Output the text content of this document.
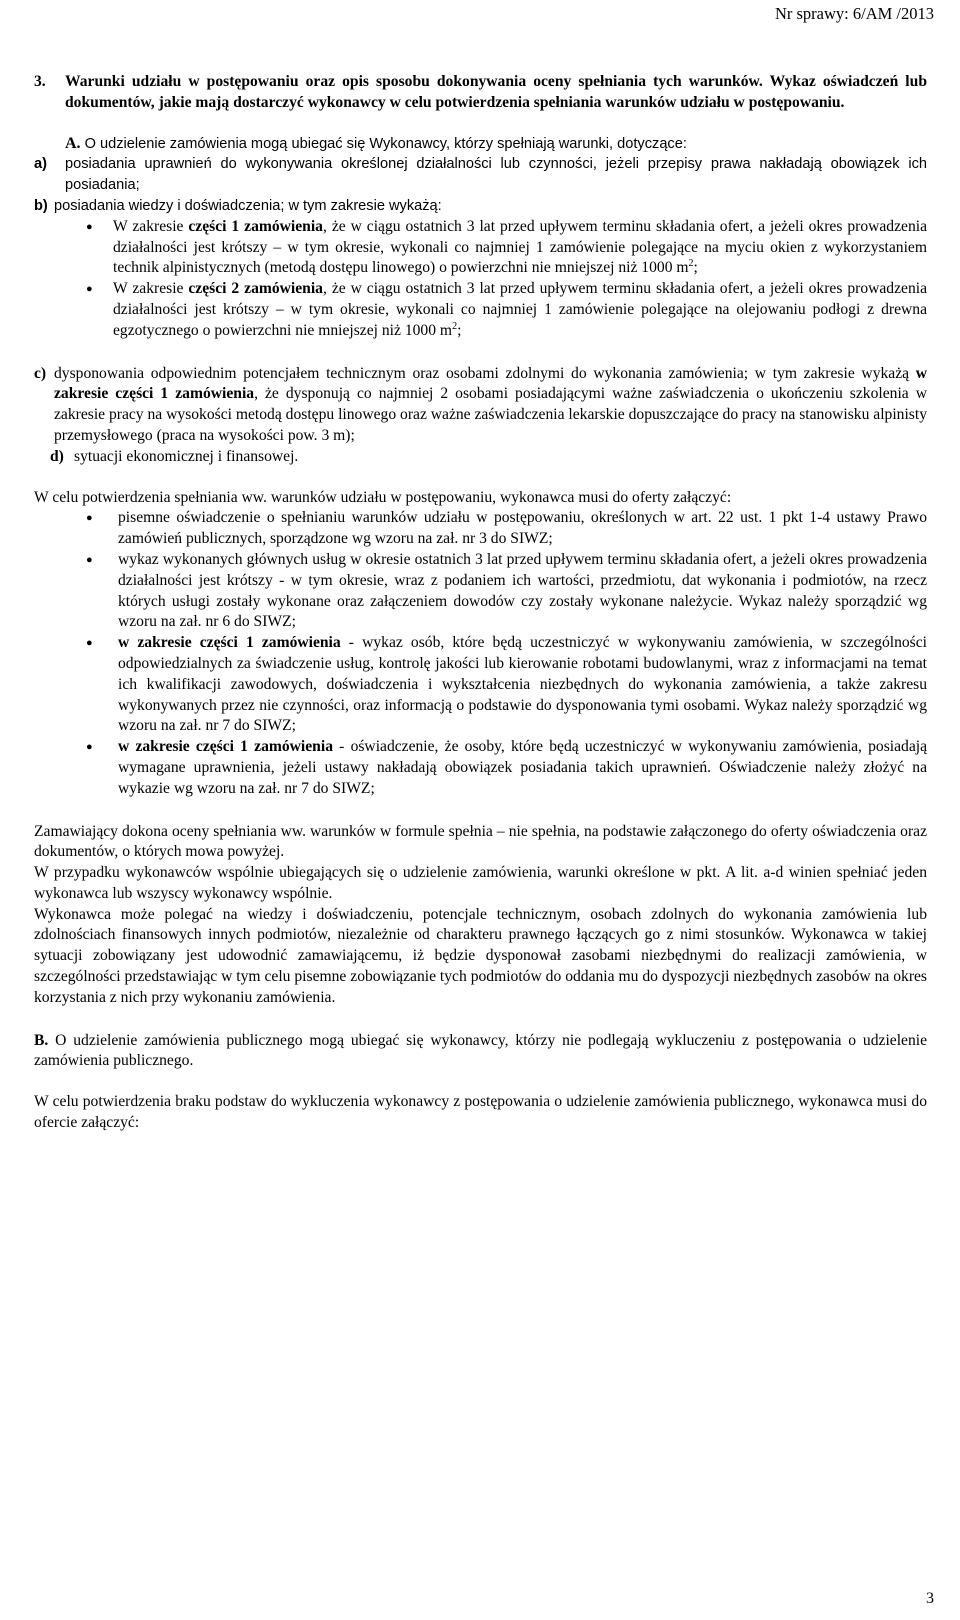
Nr sprawy: 6/AM /2013
3.	Warunki udziału w postępowaniu oraz opis sposobu dokonywania oceny spełniania tych warunków. Wykaz oświadczeń lub dokumentów, jakie mają dostarczyć wykonawcy w celu potwierdzenia spełniania warunków udziału w postępowaniu.

A. O udzielenie zamówienia mogą ubiegać się Wykonawcy, którzy spełniają warunki, dotyczące:

a)	posiadania uprawnień do wykonywania określonej działalności lub czynności, jeżeli przepisy prawa nakładają obowiązek ich posiadania;
b) posiadania wiedzy i doświadczenia; w tym zakresie wykażą:
● W zakresie części 1 zamówienia, że w ciągu ostatnich 3 lat przed upływem terminu składania ofert, a jeżeli okres prowadzenia działalności jest krótszy – w tym okresie, wykonali co najmniej 1 zamówienie polegające na myciu okien z wykorzystaniem technik alpinistycznych (metodą dostępu linowego) o powierzchni nie mniejszej niż 1000 $m^2$;
● W zakresie części 2 zamówienia, że w ciągu ostatnich 3 lat przed upływem terminu składania ofert, a jeżeli okres prowadzenia działalności jest krótszy – w tym okresie, wykonali co najmniej 1 zamówienie polegające na olejowaniu podłogi z drewna egzotycznego o powierzchni nie mniejszej niż 1000 $m^2$;
c) dysponowania odpowiednim potencjałem technicznym oraz osobami zdolnymi do wykonania zamówienia; w tym zakresie wykażą w zakresie części 1 zamówienia, że dysponują co najmniej 2 osobami posiadającymi ważne zaświadczenia o ukończeniu szkolenia w zakresie pracy na wysokości metodą dostępu linowego oraz ważne zaświadczenia lekarskie dopuszczające do pracy na stanowisku alpinisty przemysłowego (praca na wysokości pow. 3 m);
d) sytuacji ekonomicznej i finansowej.

W celu potwierdzenia spełniania ww. warunków udziału w postępowaniu, wykonawca musi do oferty załączyć:

● pisemne oświadczenie o spełnianiu warunków udziału w postępowaniu, określonych w art. 22 ust. 1 pkt 1-4 ustawy Prawo zamówień publicznych, sporządzone wg wzoru na zał. nr 3 do SIWZ;
● wykaz wykonanych głównych usług w okresie ostatnich 3 lat przed upływem terminu składania ofert, a jeżeli okres prowadzenia działalności jest krótszy - w tym okresie, wraz z podaniem ich wartości, przedmiotu, dat wykonania i podmiotów, na rzecz których usługi zostały wykonane oraz załączeniem dowodów czy zostały wykonane należycie. Wykaz należy sporządzić wg wzoru na zał. nr 6 do SIWZ;
● w zakresie części 1 zamówienia - wykaz osób, które będą uczestniczyć w wykonywaniu zamówienia, w szczególności odpowiedzialnych za świadczenie usług, kontrolę jakości lub kierowanie robotami budowlanymi, wraz z informacjami na temat ich kwalifikacji zawodowych, doświadczenia i wykształcenia niezbędnych do wykonania zamówienia, a także zakresu wykonywanych przez nie czynności, oraz informacją o podstawie do dysponowania tymi osobami. Wykaz należy sporządzić wg wzoru na zał. nr 7 do SIWZ;
● w zakresie części 1 zamówienia - oświadczenie, że osoby, które będą uczestniczyć w wykonywaniu zamówienia, posiadają wymagane uprawnienia, jeżeli ustawy nakładają obowiązek posiadania takich uprawnień. Oświadczenie należy złożyć na wykazie wg wzoru na zał. nr 7 do SIWZ;

Zamawiający dokona oceny spełniania ww. warunków w formule spełnia – nie spełnia, na podstawie załączonego do oferty oświadczenia oraz dokumentów, o których mowa powyżej.

W przypadku wykonawców wspólnie ubiegających się o udzielenie zamówienia, warunki określone w pkt. A lit. a-d winien spełniać jeden wykonawca lub wszyscy wykonawcy wspólnie.

Wykonawca może polegać na wiedzy i doświadczeniu, potencjale technicznym, osobach zdolnych do wykonania zamówienia lub zdolnościach finansowych innych podmiotów, niezależnie od charakteru prawnego łączących go z nimi stosunków. Wykonawca w takiej sytuacji zobowiązany jest udowodnić zamawiającemu, iż będzie dysponował zasobami niezbędnymi do realizacji zamówienia, w szczególności przedstawiając w tym celu pisemne zobowiązanie tych podmiotów do oddania mu do dyspozycji niezbędnych zasobów na okres korzystania z nich przy wykonaniu zamówienia.

B. O udzielenie zamówienia publicznego mogą ubiegać się wykonawcy, którzy nie podlegają wykluczeniu z postępowania o udzielenie zamówienia publicznego.

W celu potwierdzenia braku podstaw do wykluczenia wykonawcy z postępowania o udzielenie zamówienia publicznego, wykonawca musi do ofercie załączyć:

3
